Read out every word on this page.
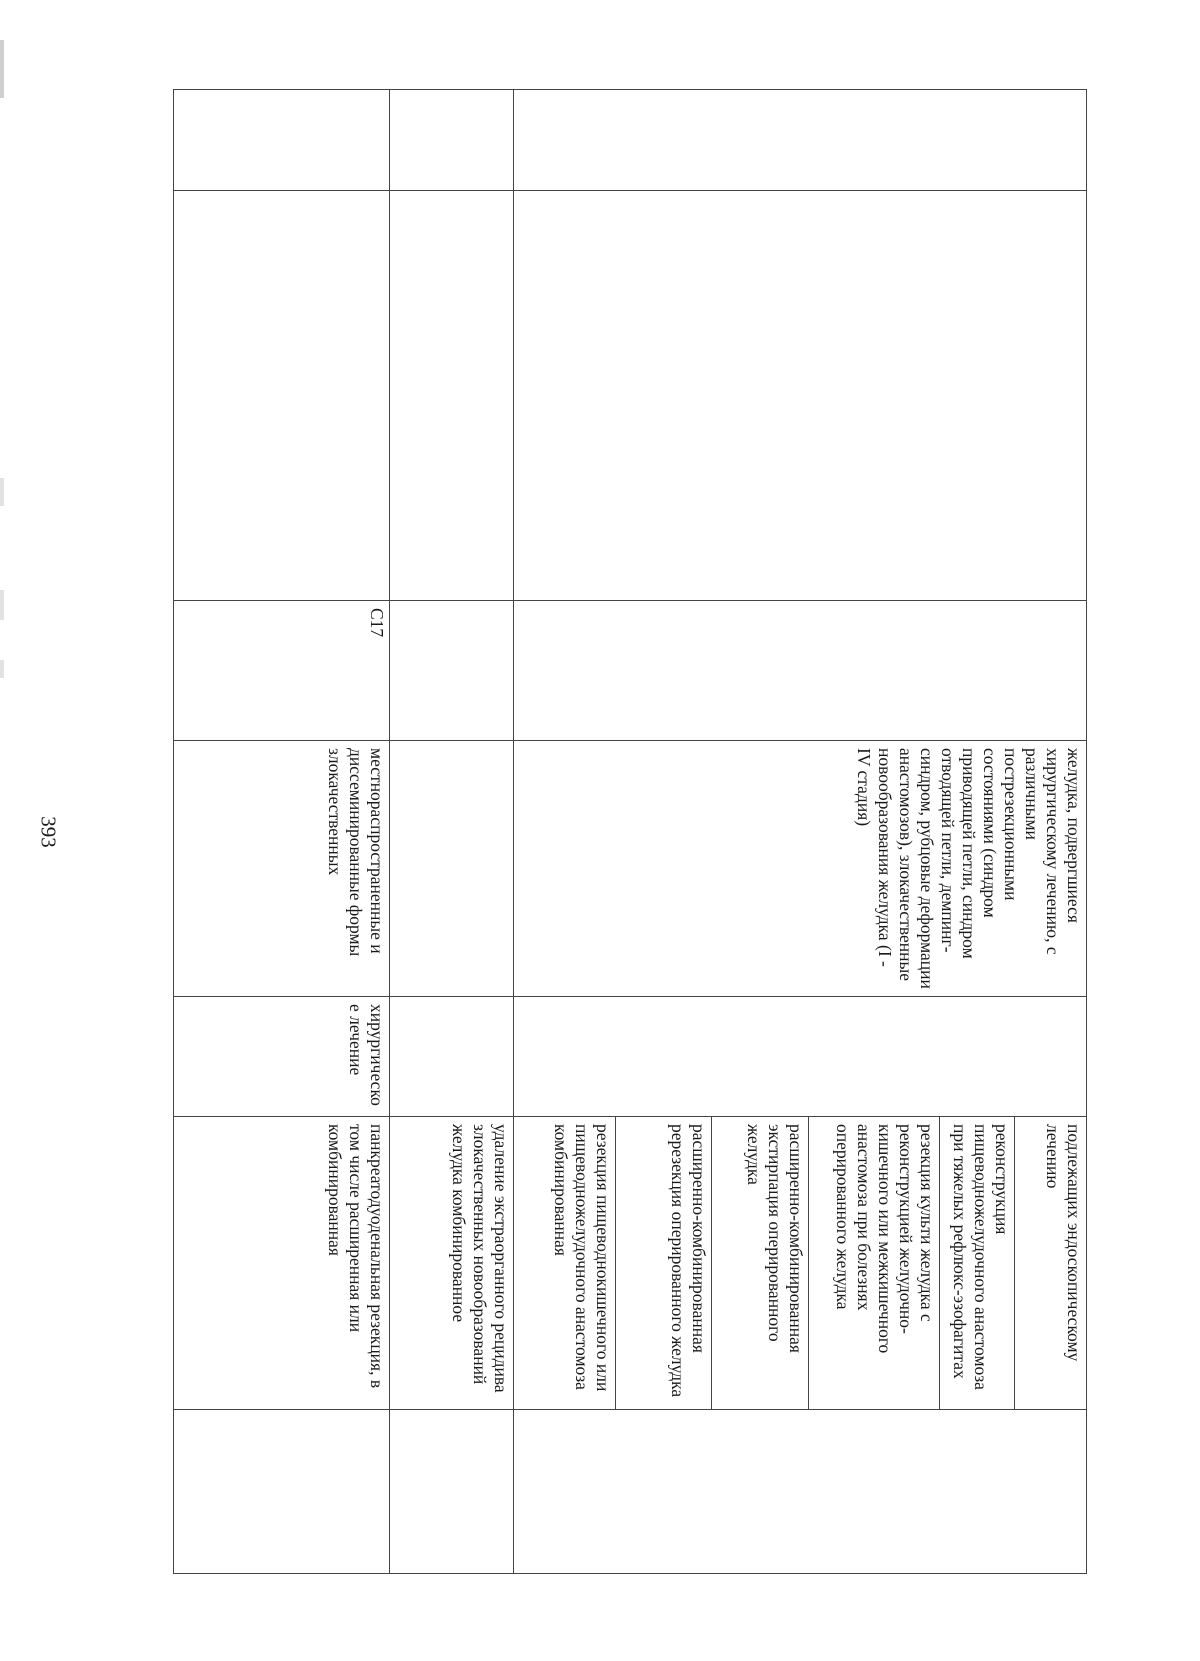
393
				желудка, подвергшиеся хирургическому лечению, с различными пострезекционными состояниями (синдром приводящей петли, синдром отводящей петли, демпинг-синдром, рубцовые деформации анастомозов), злокачественные новообразования желудка (I - IV стадия)		подлежащих эндоскопическому лечению	
					реконструкция пищеводножелудочного анастомоза при тяжелых рефлюкс-эзофагитах	
					резекция культи желудка с реконструкцией желудочно-кишечного или межкишечного анастомоза при болезнях оперированного желудка	
					расширенно-комбинированная экстирпация оперированного желудка	
					расширенно-комбинированная ререзекция оперированного желудка	
					резекция пищеводнокишечного или пищеводножелудочного анастомоза комбинированная	
					удаление экстраорганного рецидива злокачественных новообразований желудка комбинированное	
		C17	местнораспространенные и диссеминированные формы злокачественных	хирургическое лечение	панкреатодуоденальная резекция, в том числе расширенная или комбинированная	
